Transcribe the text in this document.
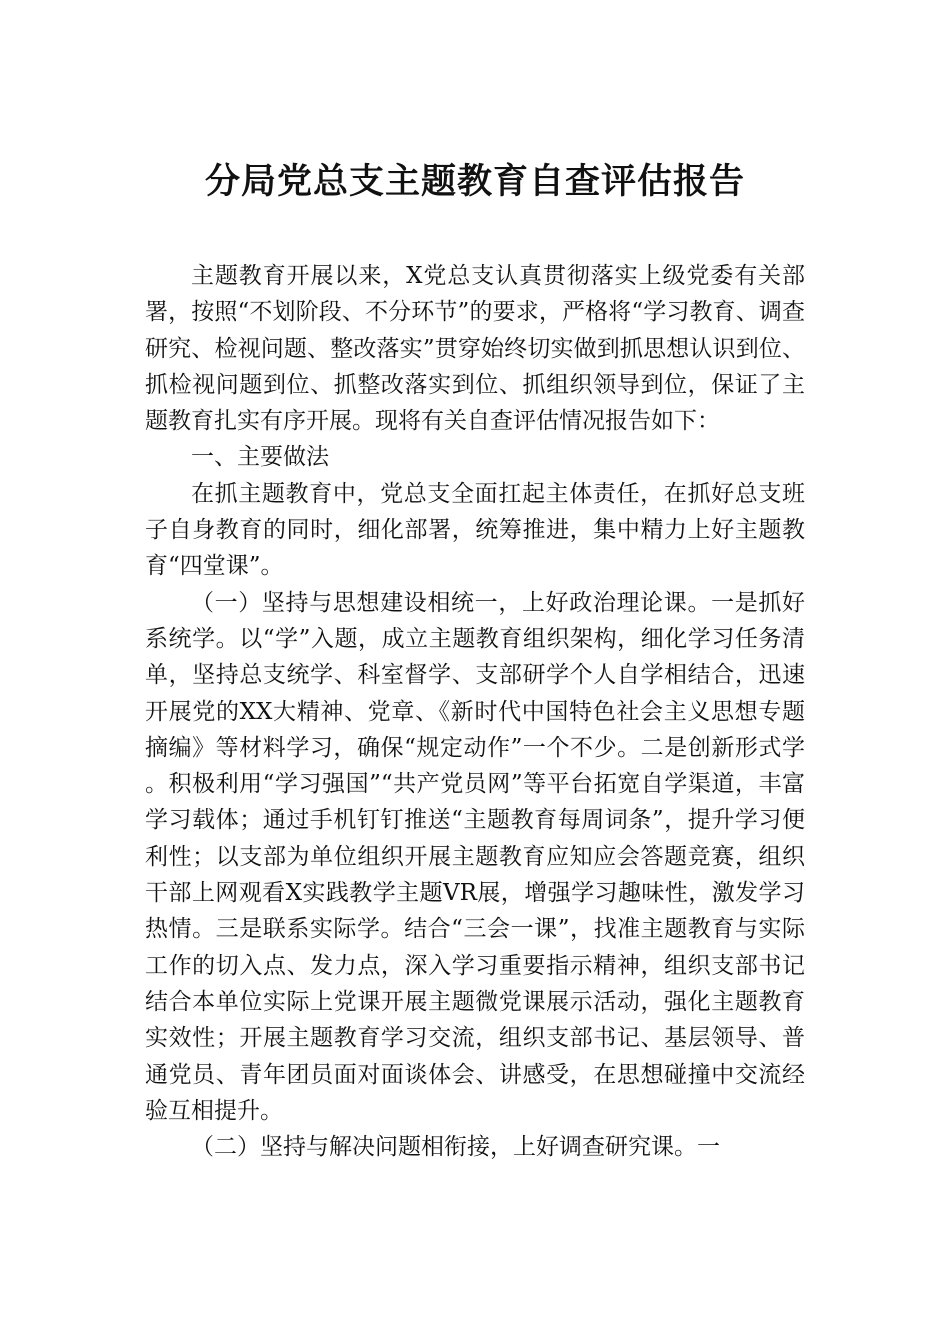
分局党总支主题教育自查评估报告

主题教育开展以来，X党总支认真贯彻落实上级党委有关部署，按照“不划阶段、不分环节”的要求，严格将“学习教育、调查研究、检视问题、整改落实”贯穿始终切实做到抓思想认识到位、抓检视问题到位、抓整改落实到位、抓组织领导到位，保证了主题教育扎实有序开展。现将有关自查评估情况报告如下：

一、主要做法

在抓主题教育中，党总支全面扛起主体责任，在抓好总支班子自身教育的同时，细化部署，统筹推进，集中精力上好主题教育“四堂课”。

（一）坚持与思想建设相统一，上好政治理论课。一是抓好系统学。以“学”入题，成立主题教育组织架构，细化学习任务清单，坚持总支统学、科室督学、支部研学个人自学相结合，迅速开展党的XX大精神、党章、《新时代中国特色社会主义思想专题摘编》等材料学习，确保“规定动作”一个不少。二是创新形式学。积极利用“学习强国”“共产党员网”等平台拓宽自学渠道，丰富学习载体；通过手机钉钉推送“主题教育每周词条”，提升学习便利性；以支部为单位组织开展主题教育应知应会答题竞赛，组织干部上网观看X实践教学主题VR展，增强学习趣味性，激发学习热情。三是联系实际学。结合“三会一课”，找准主题教育与实际工作的切入点、发力点，深入学习重要指示精神，组织支部书记结合本单位实际上党课开展主题微党课展示活动，强化主题教育实效性；开展主题教育学习交流，组织支部书记、基层领导、普通党员、青年团员面对面谈体会、讲感受，在思想碰撞中交流经验互相提升。

（二）坚持与解决问题相衔接，上好调查研究课。一
